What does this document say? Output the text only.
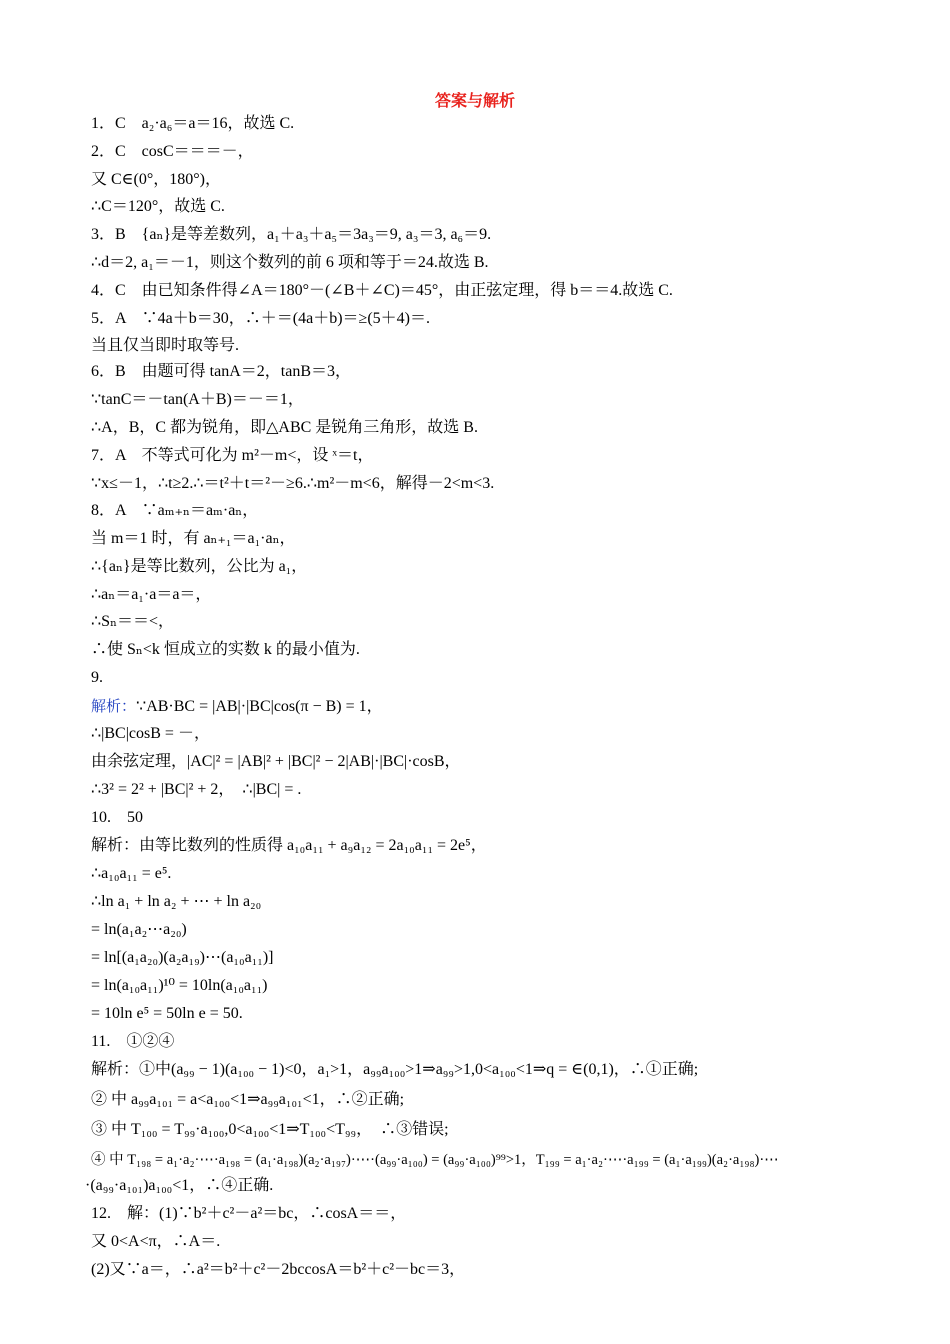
答案与解析
1．C　a₂·a₆＝a＝16，故选 C.
2．C　cosC＝＝＝－，
又 C∈(0°，180°)，
∴C＝120°，故选 C.
3．B　{aₙ}是等差数列，a₁＋a₃＋a₅＝3a₃＝9, a₃＝3, a₆＝9.
∴d＝2, a₁＝－1，则这个数列的前 6 项和等于＝24.故选 B.
4．C　由已知条件得∠A＝180°－(∠B＋∠C)＝45°，由正弦定理，得 b＝＝4.故选 C.
5．A　∵4a＋b＝30，∴＋＝(4a＋b)＝≥(5＋4)＝.
当且仅当即时取等号.
6．B　由题可得 tanA＝2，tanB＝3，
∵tanC＝－tan(A＋B)＝－＝1，
∴A，B，C 都为锐角，即△ABC 是锐角三角形，故选 B.
7．A　不等式可化为 m²－m<，设 ˣ＝t，
∵x≤－1，∴t≥2.∴＝t²＋t＝²－≥6.∴m²－m<6，解得－2<m<3.
8．A　∵aₘ₊ₙ＝aₘ·aₙ，
当 m＝1 时，有 aₙ₊₁＝a₁·aₙ，
∴{aₙ}是等比数列，公比为 a₁，
∴aₙ＝a₁·a＝a＝，
∴Sₙ＝＝<，
∴使 Sₙ<k 恒成立的实数 k 的最小值为.
9.
解析：∵AB·BC = |AB|·|BC|cos(π − B) = 1，
∴|BC|cosB = －，
由余弦定理，|AC|² = |AB|² + |BC|² − 2|AB|·|BC|·cosB，
∴3² = 2² + |BC|² + 2，　∴|BC| = .
10.　50
解析：由等比数列的性质得 a₁₀a₁₁ + a₉a₁₂ = 2a₁₀a₁₁ = 2e⁵，
∴a₁₀a₁₁ = e⁵.
∴ln a₁ + ln a₂ + ⋯ + ln a₂₀
= ln(a₁a₂⋯a₂₀)
= ln[(a₁a₂₀)(a₂a₁₉)⋯(a₁₀a₁₁)]
= ln(a₁₀a₁₁)¹⁰ = 10ln(a₁₀a₁₁)
= 10ln e⁵ = 50ln e = 50.
11.　①②④
解析：①中(a₉₉ − 1)(a₁₀₀ − 1)<0，a₁>1，a₉₉a₁₀₀>1⇒a₉₉>1,0<a₁₀₀<1⇒q = ∈(0,1)，∴①正确;
② 中 a₉₉a₁₀₁ = a<a₁₀₀<1⇒a₉₉a₁₀₁<1，∴②正确;
③ 中 T₁₀₀ = T₉₉·a₁₀₀,0<a₁₀₀<1⇒T₁₀₀<T₉₉，　∴③错误;
④ 中 T₁₉₈ = a₁·a₂·⋯·a₁₉₈ = (a₁·a₁₉₈)(a₂·a₁₉₇)·⋯·(a₉₉·a₁₀₀) = (a₉₉·a₁₀₀)⁹⁹>1，T₁₉₉ = a₁·a₂·⋯·a₁₉₉ = (a₁·a₁₉₉)(a₂·a₁₉₈)·⋯
·(a₉₉·a₁₀₁)a₁₀₀<1，∴④正确.
12.　解：(1)∵b²＋c²－a²＝bc，∴cosA＝＝，
又 0<A<π，∴A＝.
(2)又∵a＝，∴a²＝b²＋c²－2bccosA＝b²＋c²－bc＝3，
